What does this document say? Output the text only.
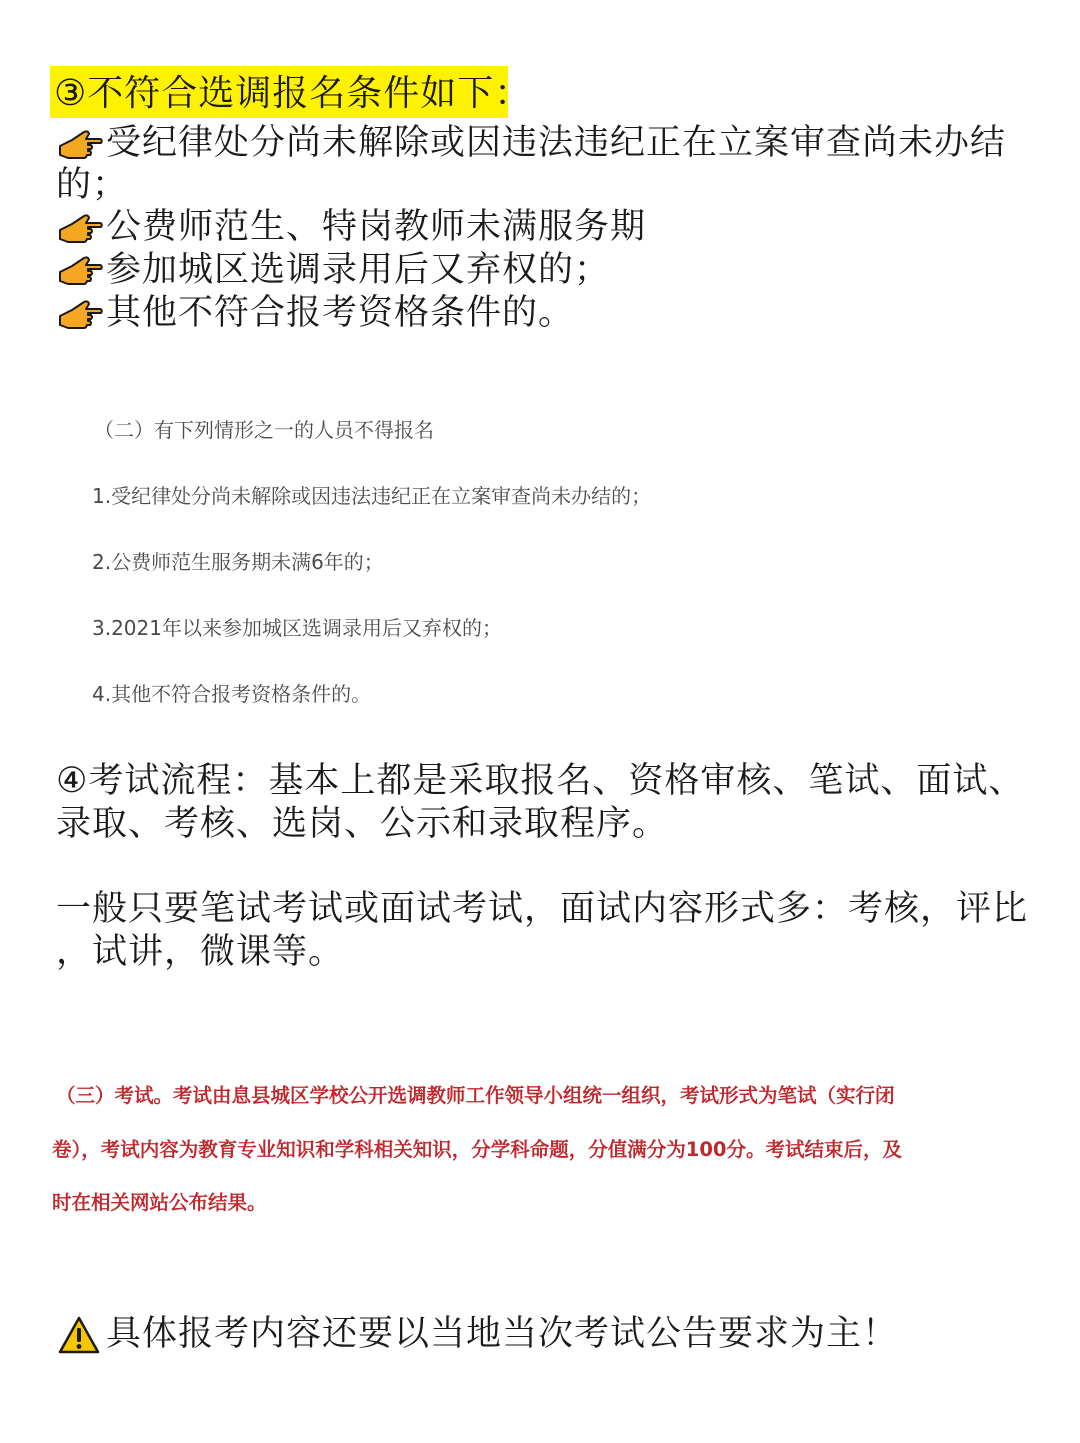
③不符合选调报名条件如下：
受纪律处分尚未解除或因违法违纪正在立案审查尚未办结
的；
公费师范生、特岗教师未满服务期
参加城区选调录用后又弃权的；
其他不符合报考资格条件的。
（二）有下列情形之一的人员不得报名
1.受纪律处分尚未解除或因违法违纪正在立案审查尚未办结的；
2.公费师范生服务期未满6年的；
3.2021年以来参加城区选调录用后又弃权的；
4.其他不符合报考资格条件的。
④考试流程：基本上都是采取报名、资格审核、笔试、面试、
录取、考核、选岗、公示和录取程序。
一般只要笔试考试或面试考试，面试内容形式多：考核，评比
，试讲，微课等。
（三）考试。考试由息县城区学校公开选调教师工作领导小组统一组织，考试形式为笔试（实行闭
卷），考试内容为教育专业知识和学科相关知识，分学科命题，分值满分为100分。考试结束后，及
时在相关网站公布结果。
具体报考内容还要以当地当次考试公告要求为主！
